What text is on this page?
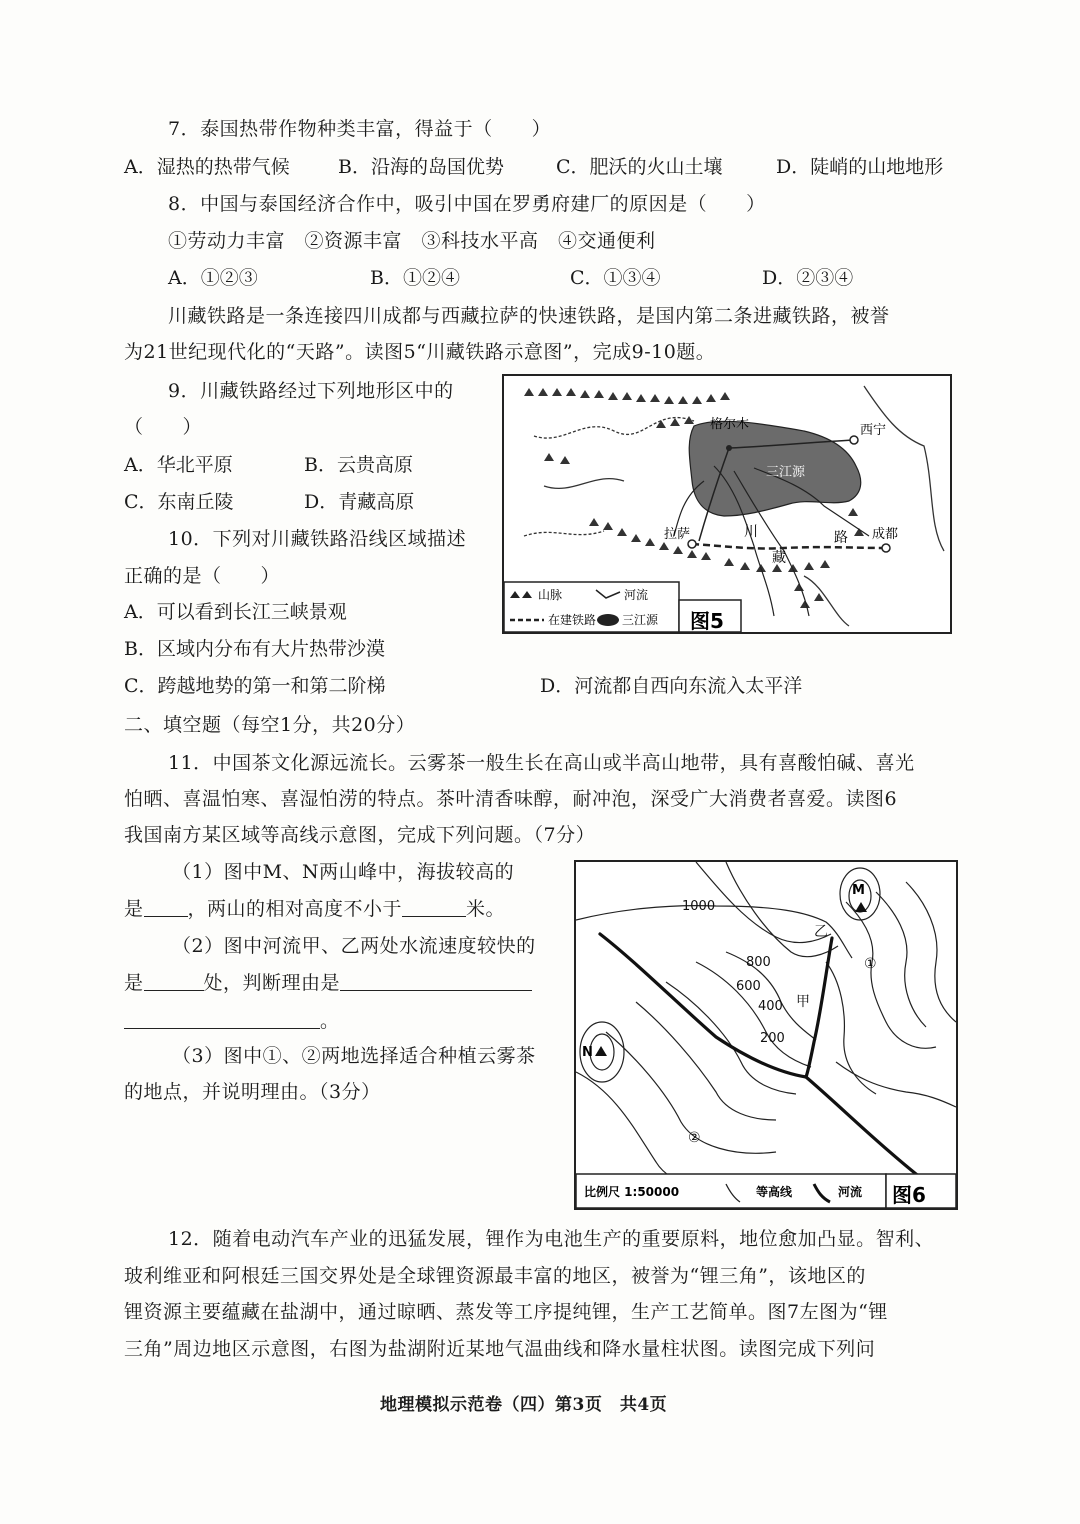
7．泰国热带作物种类丰富，得益于（　　）
A．湿热的热带气候	B．沿海的岛国优势	C．肥沃的火山土壤	D．陡峭的山地地形
8．中国与泰国经济合作中，吸引中国在罗勇府建厂的原因是（　　）
①劳动力丰富　②资源丰富　③科技水平高　④交通便利
A．①②③	B．①②④	C．①③④	D．②③④
川藏铁路是一条连接四川成都与西藏拉萨的快速铁路，是国内第二条进藏铁路，被誉
为21世纪现代化的“天路”。读图5“川藏铁路示意图”，完成9-10题。
9．川藏铁路经过下列地形区中的
（　　）
A．华北平原	B．云贵高原
C．东南丘陵	D．青藏高原
10．下列对川藏铁路沿线区域描述
正确的是（　　）
A．可以看到长江三峡景观
B．区域内分布有大片热带沙漠
C．跨越地势的第一和第二阶梯	D．河流都自西向东流入太平洋
格尔木
三江源
西宁
拉萨	川
藏
路 成都
山脉	河流
在建铁路 三江源 图5
二、填空题（每空1分，共20分）
11．中国茶文化源远流长。云雾茶一般生长在高山或半高山地带，具有喜酸怕碱、喜光
怕晒、喜温怕寒、喜湿怕涝的特点。茶叶清香味醇，耐冲泡，深受广大消费者喜爱。读图6
我国南方某区域等高线示意图，完成下列问题。（7分）
（1）图中M、N两山峰中，海拔较高的
是 ，两山的相对高度不小于	米。
（2）图中河流甲、乙两处水流速度较快的
是	处，判断理由是
。
（3）图中①、②两地选择适合种植云雾茶
的地点，并说明理由。（3分）
M
N
1000
800
600
400
200
乙
甲
①
②
比例尺 1:50000	等高线	河流 图6
12．随着电动汽车产业的迅猛发展，锂作为电池生产的重要原料，地位愈加凸显。智利、
玻利维亚和阿根廷三国交界处是全球锂资源最丰富的地区，被誉为“锂三角”，该地区的
锂资源主要蕴藏在盐湖中，通过晾晒、蒸发等工序提纯锂，生产工艺简单。图7左图为“锂
三角”周边地区示意图，右图为盐湖附近某地气温曲线和降水量柱状图。读图完成下列问
地理模拟示范卷（四）第3页　共4页
